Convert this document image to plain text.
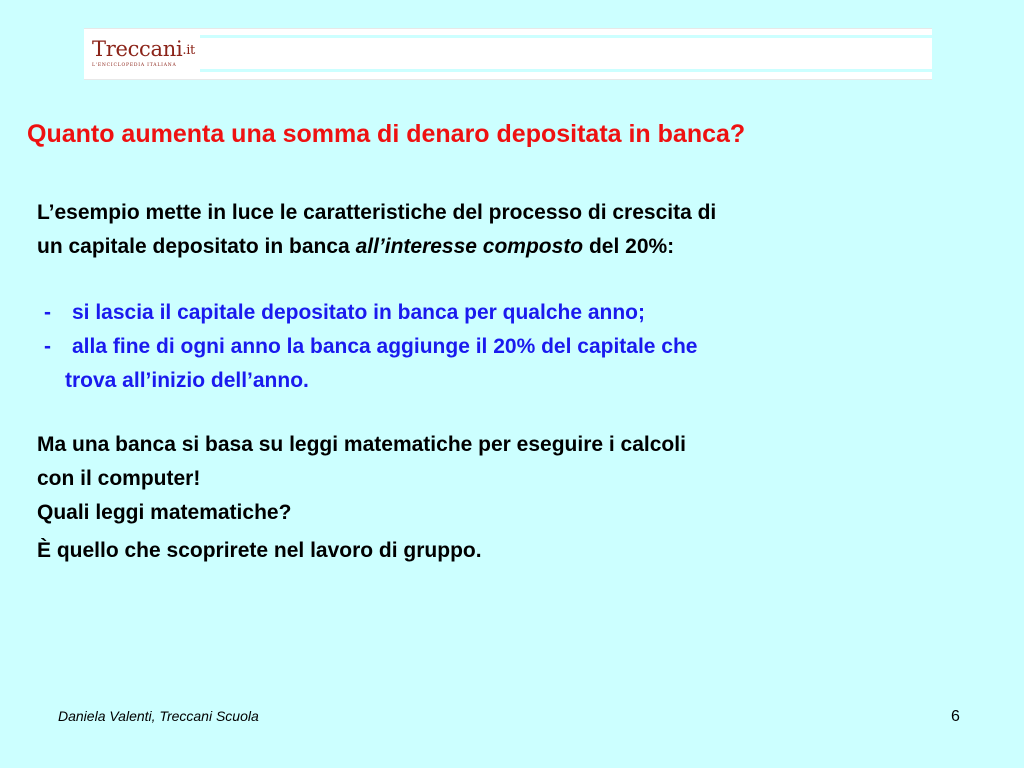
Treccani.it
L'ENCICLOPEDIA ITALIANA
Quanto aumenta una somma di denaro depositata in banca?

L’esempio mette in luce le caratteristiche del processo di crescita di
un capitale depositato in banca all’interesse composto del 20%:

- si lascia il capitale depositato in banca per qualche anno;
- alla fine di ogni anno la banca aggiunge il 20% del capitale che
trova all’inizio dell’anno.

Ma una banca si basa su leggi matematiche per eseguire i calcoli
con il computer!
Quali leggi matematiche?

È quello che scoprirete nel lavoro di gruppo.

Daniela Valenti, Treccani Scuola	6
